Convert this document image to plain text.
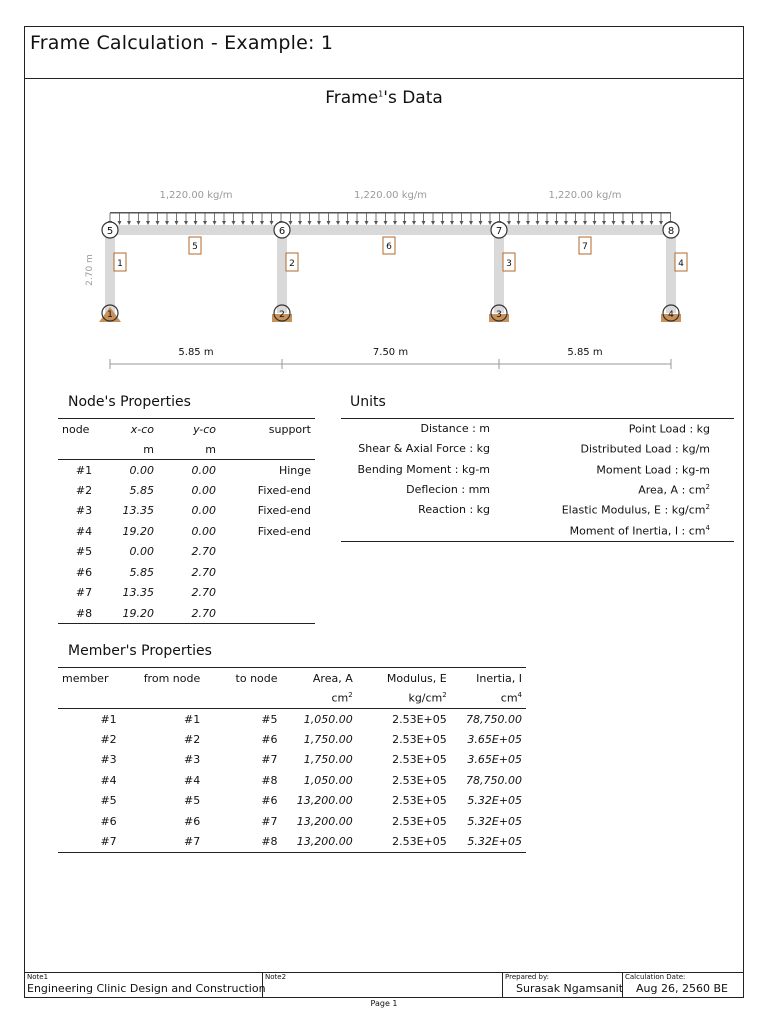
Frame Calculation - Example: 1
Frame$^1$'s Data
1,220.00 kg/m	1,220.00 kg/m	1,220.00 kg/m
2.70 m
5
1
6
2
7
3
8
4
1	2	3	4
5	6	7
5.85 m	7.50 m	5.85 m
Node's Properties
node	x-co	y-co	support
	m	m	
#1	0.00	0.00	Hinge
#2	5.85	0.00	Fixed-end
#3	13.35	0.00	Fixed-end
#4	19.20	0.00	Fixed-end
#5	0.00	2.70	
#6	5.85	2.70	
#7	13.35	2.70	
#8	19.20	2.70	
Units
Distance : m
Shear & Axial Force : kg
Bending Moment : kg-m
Deflecion : mm
Reaction : kg
Point Load : kg
Distributed Load : kg/m
Moment Load : kg-m
Area, A : $cm^2$
Elastic Modulus, E : $kg/cm^2$
Moment of Inertia, I : $cm^4$
Member's Properties
member	from node	to node	Area, A	Modulus, E	Inertia, I
			$cm^2$	$kg/cm^2$	$cm^4$
#1	#1	#5	1,050.00	2.53E+05	78,750.00
#2	#2	#6	1,750.00	2.53E+05	3.65E+05
#3	#3	#7	1,750.00	2.53E+05	3.65E+05
#4	#4	#8	1,050.00	2.53E+05	78,750.00
#5	#5	#6	13,200.00	2.53E+05	5.32E+05
#6	#6	#7	13,200.00	2.53E+05	5.32E+05
#7	#7	#8	13,200.00	2.53E+05	5.32E+05
Note1
Engineering Clinic Design and Construction
Note2	Prepared by:
Surasak Ngamsanit
Calculation Date:
Aug 26, 2560 BE
Page 1
